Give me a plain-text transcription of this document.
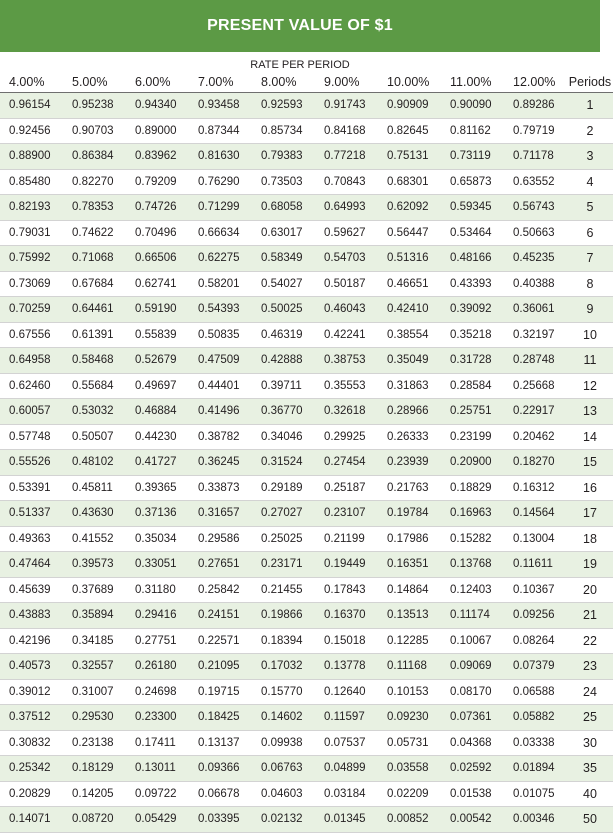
PRESENT VALUE OF $1
RATE PER PERIOD
4.00%	5.00%	6.00%	7.00%	8.00%	9.00%	10.00%	11.00%	12.00%	Periods
0.96154	0.95238	0.94340	0.93458	0.92593	0.91743	0.90909	0.90090	0.89286	1
0.92456	0.90703	0.89000	0.87344	0.85734	0.84168	0.82645	0.81162	0.79719	2
0.88900	0.86384	0.83962	0.81630	0.79383	0.77218	0.75131	0.73119	0.71178	3
0.85480	0.82270	0.79209	0.76290	0.73503	0.70843	0.68301	0.65873	0.63552	4
0.82193	0.78353	0.74726	0.71299	0.68058	0.64993	0.62092	0.59345	0.56743	5
0.79031	0.74622	0.70496	0.66634	0.63017	0.59627	0.56447	0.53464	0.50663	6
0.75992	0.71068	0.66506	0.62275	0.58349	0.54703	0.51316	0.48166	0.45235	7
0.73069	0.67684	0.62741	0.58201	0.54027	0.50187	0.46651	0.43393	0.40388	8
0.70259	0.64461	0.59190	0.54393	0.50025	0.46043	0.42410	0.39092	0.36061	9
0.67556	0.61391	0.55839	0.50835	0.46319	0.42241	0.38554	0.35218	0.32197	10
0.64958	0.58468	0.52679	0.47509	0.42888	0.38753	0.35049	0.31728	0.28748	11
0.62460	0.55684	0.49697	0.44401	0.39711	0.35553	0.31863	0.28584	0.25668	12
0.60057	0.53032	0.46884	0.41496	0.36770	0.32618	0.28966	0.25751	0.22917	13
0.57748	0.50507	0.44230	0.38782	0.34046	0.29925	0.26333	0.23199	0.20462	14
0.55526	0.48102	0.41727	0.36245	0.31524	0.27454	0.23939	0.20900	0.18270	15
0.53391	0.45811	0.39365	0.33873	0.29189	0.25187	0.21763	0.18829	0.16312	16
0.51337	0.43630	0.37136	0.31657	0.27027	0.23107	0.19784	0.16963	0.14564	17
0.49363	0.41552	0.35034	0.29586	0.25025	0.21199	0.17986	0.15282	0.13004	18
0.47464	0.39573	0.33051	0.27651	0.23171	0.19449	0.16351	0.13768	0.11611	19
0.45639	0.37689	0.31180	0.25842	0.21455	0.17843	0.14864	0.12403	0.10367	20
0.43883	0.35894	0.29416	0.24151	0.19866	0.16370	0.13513	0.11174	0.09256	21
0.42196	0.34185	0.27751	0.22571	0.18394	0.15018	0.12285	0.10067	0.08264	22
0.40573	0.32557	0.26180	0.21095	0.17032	0.13778	0.11168	0.09069	0.07379	23
0.39012	0.31007	0.24698	0.19715	0.15770	0.12640	0.10153	0.08170	0.06588	24
0.37512	0.29530	0.23300	0.18425	0.14602	0.11597	0.09230	0.07361	0.05882	25
0.30832	0.23138	0.17411	0.13137	0.09938	0.07537	0.05731	0.04368	0.03338	30
0.25342	0.18129	0.13011	0.09366	0.06763	0.04899	0.03558	0.02592	0.01894	35
0.20829	0.14205	0.09722	0.06678	0.04603	0.03184	0.02209	0.01538	0.01075	40
0.14071	0.08720	0.05429	0.03395	0.02132	0.01345	0.00852	0.00542	0.00346	50
